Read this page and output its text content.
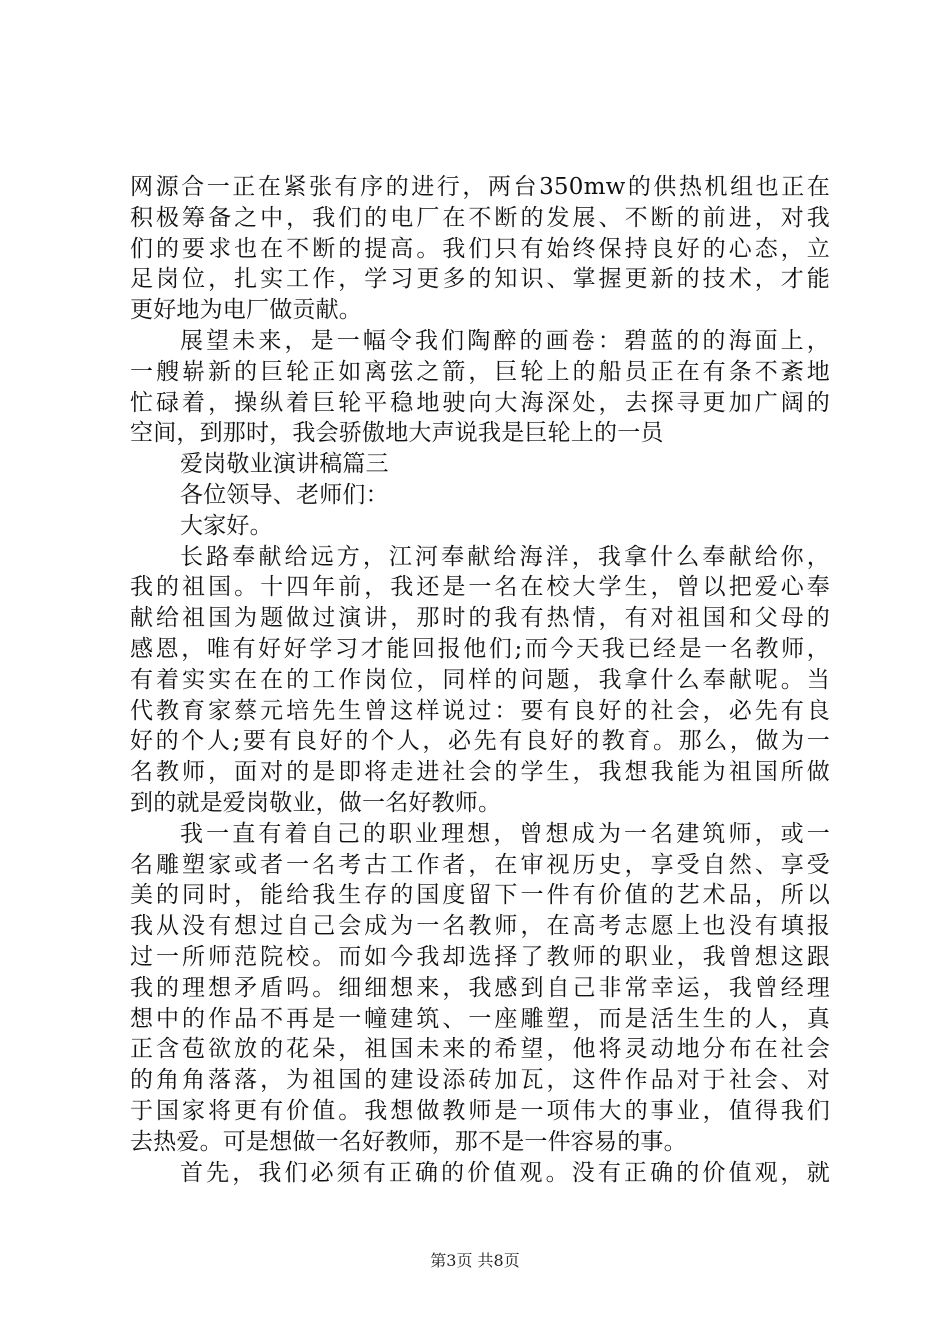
网源合一正在紧张有序的进行，两台350mw的供热机组也正在
积极筹备之中，我们的电厂在不断的发展、不断的前进，对我
们的要求也在不断的提高。我们只有始终保持良好的心态，立
足岗位，扎实工作，学习更多的知识、掌握更新的技术，才能
更好地为电厂做贡献。
展望未来，是一幅令我们陶醉的画卷：碧蓝的的海面上，
一艘崭新的巨轮正如离弦之箭，巨轮上的船员正在有条不紊地
忙碌着，操纵着巨轮平稳地驶向大海深处，去探寻更加广阔的
空间，到那时，我会骄傲地大声说我是巨轮上的一员
爱岗敬业演讲稿篇三
各位领导、老师们：
大家好。
长路奉献给远方，江河奉献给海洋，我拿什么奉献给你，
我的祖国。十四年前，我还是一名在校大学生，曾以把爱心奉
献给祖国为题做过演讲，那时的我有热情，有对祖国和父母的
感恩，唯有好好学习才能回报他们;而今天我已经是一名教师，
有着实实在在的工作岗位，同样的问题，我拿什么奉献呢。当
代教育家蔡元培先生曾这样说过：要有良好的社会，必先有良
好的个人;要有良好的个人，必先有良好的教育。那么，做为一
名教师，面对的是即将走进社会的学生，我想我能为祖国所做
到的就是爱岗敬业，做一名好教师。
我一直有着自己的职业理想，曾想成为一名建筑师，或一
名雕塑家或者一名考古工作者，在审视历史，享受自然、享受
美的同时，能给我生存的国度留下一件有价值的艺术品，所以
我从没有想过自己会成为一名教师，在高考志愿上也没有填报
过一所师范院校。而如今我却选择了教师的职业，我曾想这跟
我的理想矛盾吗。细细想来，我感到自己非常幸运，我曾经理
想中的作品不再是一幢建筑、一座雕塑，而是活生生的人，真
正含苞欲放的花朵，祖国未来的希望，他将灵动地分布在社会
的角角落落，为祖国的建设添砖加瓦，这件作品对于社会、对
于国家将更有价值。我想做教师是一项伟大的事业，值得我们
去热爱。可是想做一名好教师，那不是一件容易的事。
首先，我们必须有正确的价值观。没有正确的价值观，就
第3页 共8页
